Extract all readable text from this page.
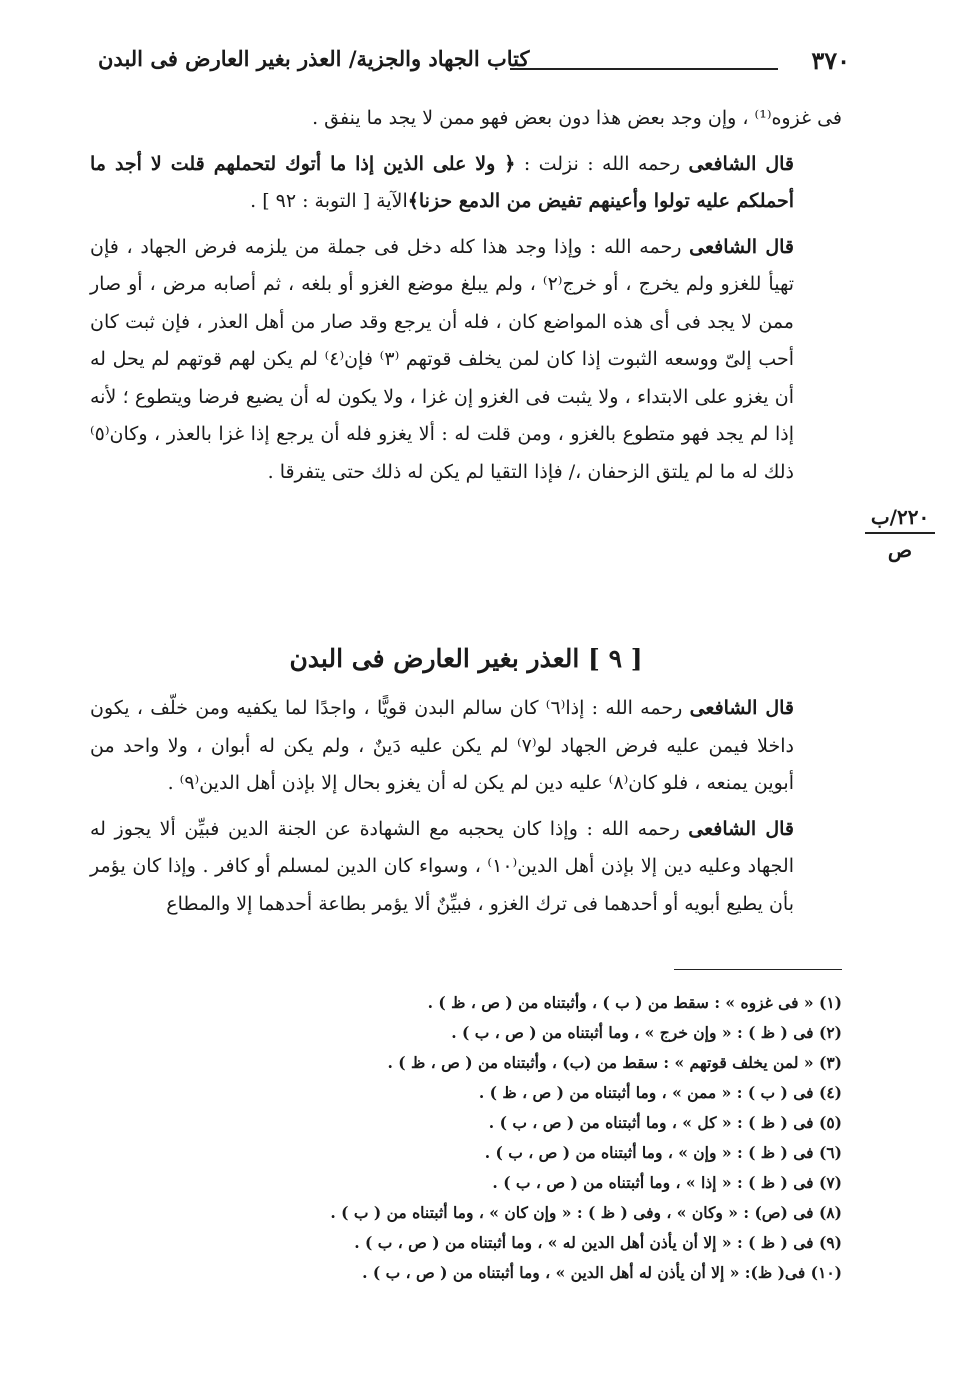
٣٧٠
كتاب الجهاد والجزية/ العذر بغير العارض فى البدن

فى غزوه⁽¹⁾ ، وإن وجد بعض هذا دون بعض فهو ممن لا يجد ما ينفق .

قال الشافعى رحمه الله : نزلت : ﴿ ولا على الذين إذا ما أتوك لتحملهم قلت لا أجد ما أحملكم عليه تولوا وأعينهم تفيض من الدمع حزنا﴾الآية [ التوبة : ٩٢ ] .

قال الشافعى رحمه الله : وإذا وجد هذا كله دخل فى جملة من يلزمه فرض الجهاد ، فإن تهيأ للغزو ولم يخرج ، أو خرج⁽٢⁾ ، ولم يبلغ موضع الغزو أو بلغه ، ثم أصابه مرض ، أو صار ممن لا يجد فى أى هذه المواضع كان ، فله أن يرجع وقد صار من أهل العذر ، فإن ثبت كان أحب إلىّ ووسعه الثبوت إذا كان لمن يخلف قوتهم ⁽٣⁾ فإن⁽٤⁾ لم يكن لهم قوتهم لم يحل له أن يغزو على الابتداء ، ولا يثبت فى الغزو إن غزا ، ولا يكون له أن يضيع فرضا ويتطوع ؛ لأنه إذا لم يجد فهو متطوع بالغزو ، ومن قلت له : ألا يغزو فله أن يرجع إذا غزا بالعذر ، وكان⁽٥⁾ ذلك له ما لم يلتق الزحفان ،/ فإذا التقيا لم يكن له ذلك حتى يتفرقا .

٢٢٠/ب
ص
[ ٩ ] العذر بغير العارض فى البدن

قال الشافعى رحمه الله : إذا⁽٦⁾ كان سالم البدن قويًّا ، واجدًا لما يكفيه ومن خلّف ، يكون داخلا فيمن عليه فرض الجهاد لو⁽٧⁾ لم يكن عليه دَينٌ ، ولم يكن له أبوان ، ولا واحد من أبوين يمنعه ، فلو كان⁽٨⁾ عليه دين لم يكن له أن يغزو بحال إلا بإذن أهل الدين⁽٩⁾ .

قال الشافعى رحمه الله : وإذا كان يحجبه مع الشهادة عن الجنة الدين فبيِّن ألا يجوز له الجهاد وعليه دين إلا بإذن أهل الدين⁽١٠⁾ ، وسواء كان الدين لمسلم أو كافر . وإذا كان يؤمر بأن يطيع أبويه أو أحدهما فى ترك الغزو ، فبيِّنٌ ألا يؤمر بطاعة أحدهما إلا والمطاع

(١) « فى غزوه » : سقط من ( ب ) ، وأثبتناه من ( ص ، ظ ) .
(٢) فى ( ظ ) : « وإن خرج » ، وما أثبتناه من ( ص ، ب ) .
(٣) « لمن يخلف قوتهم » : سقط من (ب) ، وأثبتناه من ( ص ، ظ ) .
(٤) فى ( ب ) : « ممن » ، وما أثبتناه من ( ص ، ظ ) .
(٥) فى ( ظ ) : « كل » ، وما أثبتناه من ( ص ، ب ) .
(٦) فى ( ظ ) : « وإن » ، وما أثبتناه من ( ص ، ب ) .
(٧) فى ( ظ ) : « إذا » ، وما أثبتناه من ( ص ، ب ) .
(٨) فى (ص) : « وكان » ، وفى ( ظ ) : « وإن كان » ، وما أثبتناه من ( ب ) .
(٩) فى ( ظ ) : « إلا أن يأذن أهل الدين له » ، وما أثبتناه من ( ص ، ب ) .
(١٠) فى( ظ): « إلا أن يأذن له أهل الدين » ، وما أثبتناه من ( ص ، ب ) .
